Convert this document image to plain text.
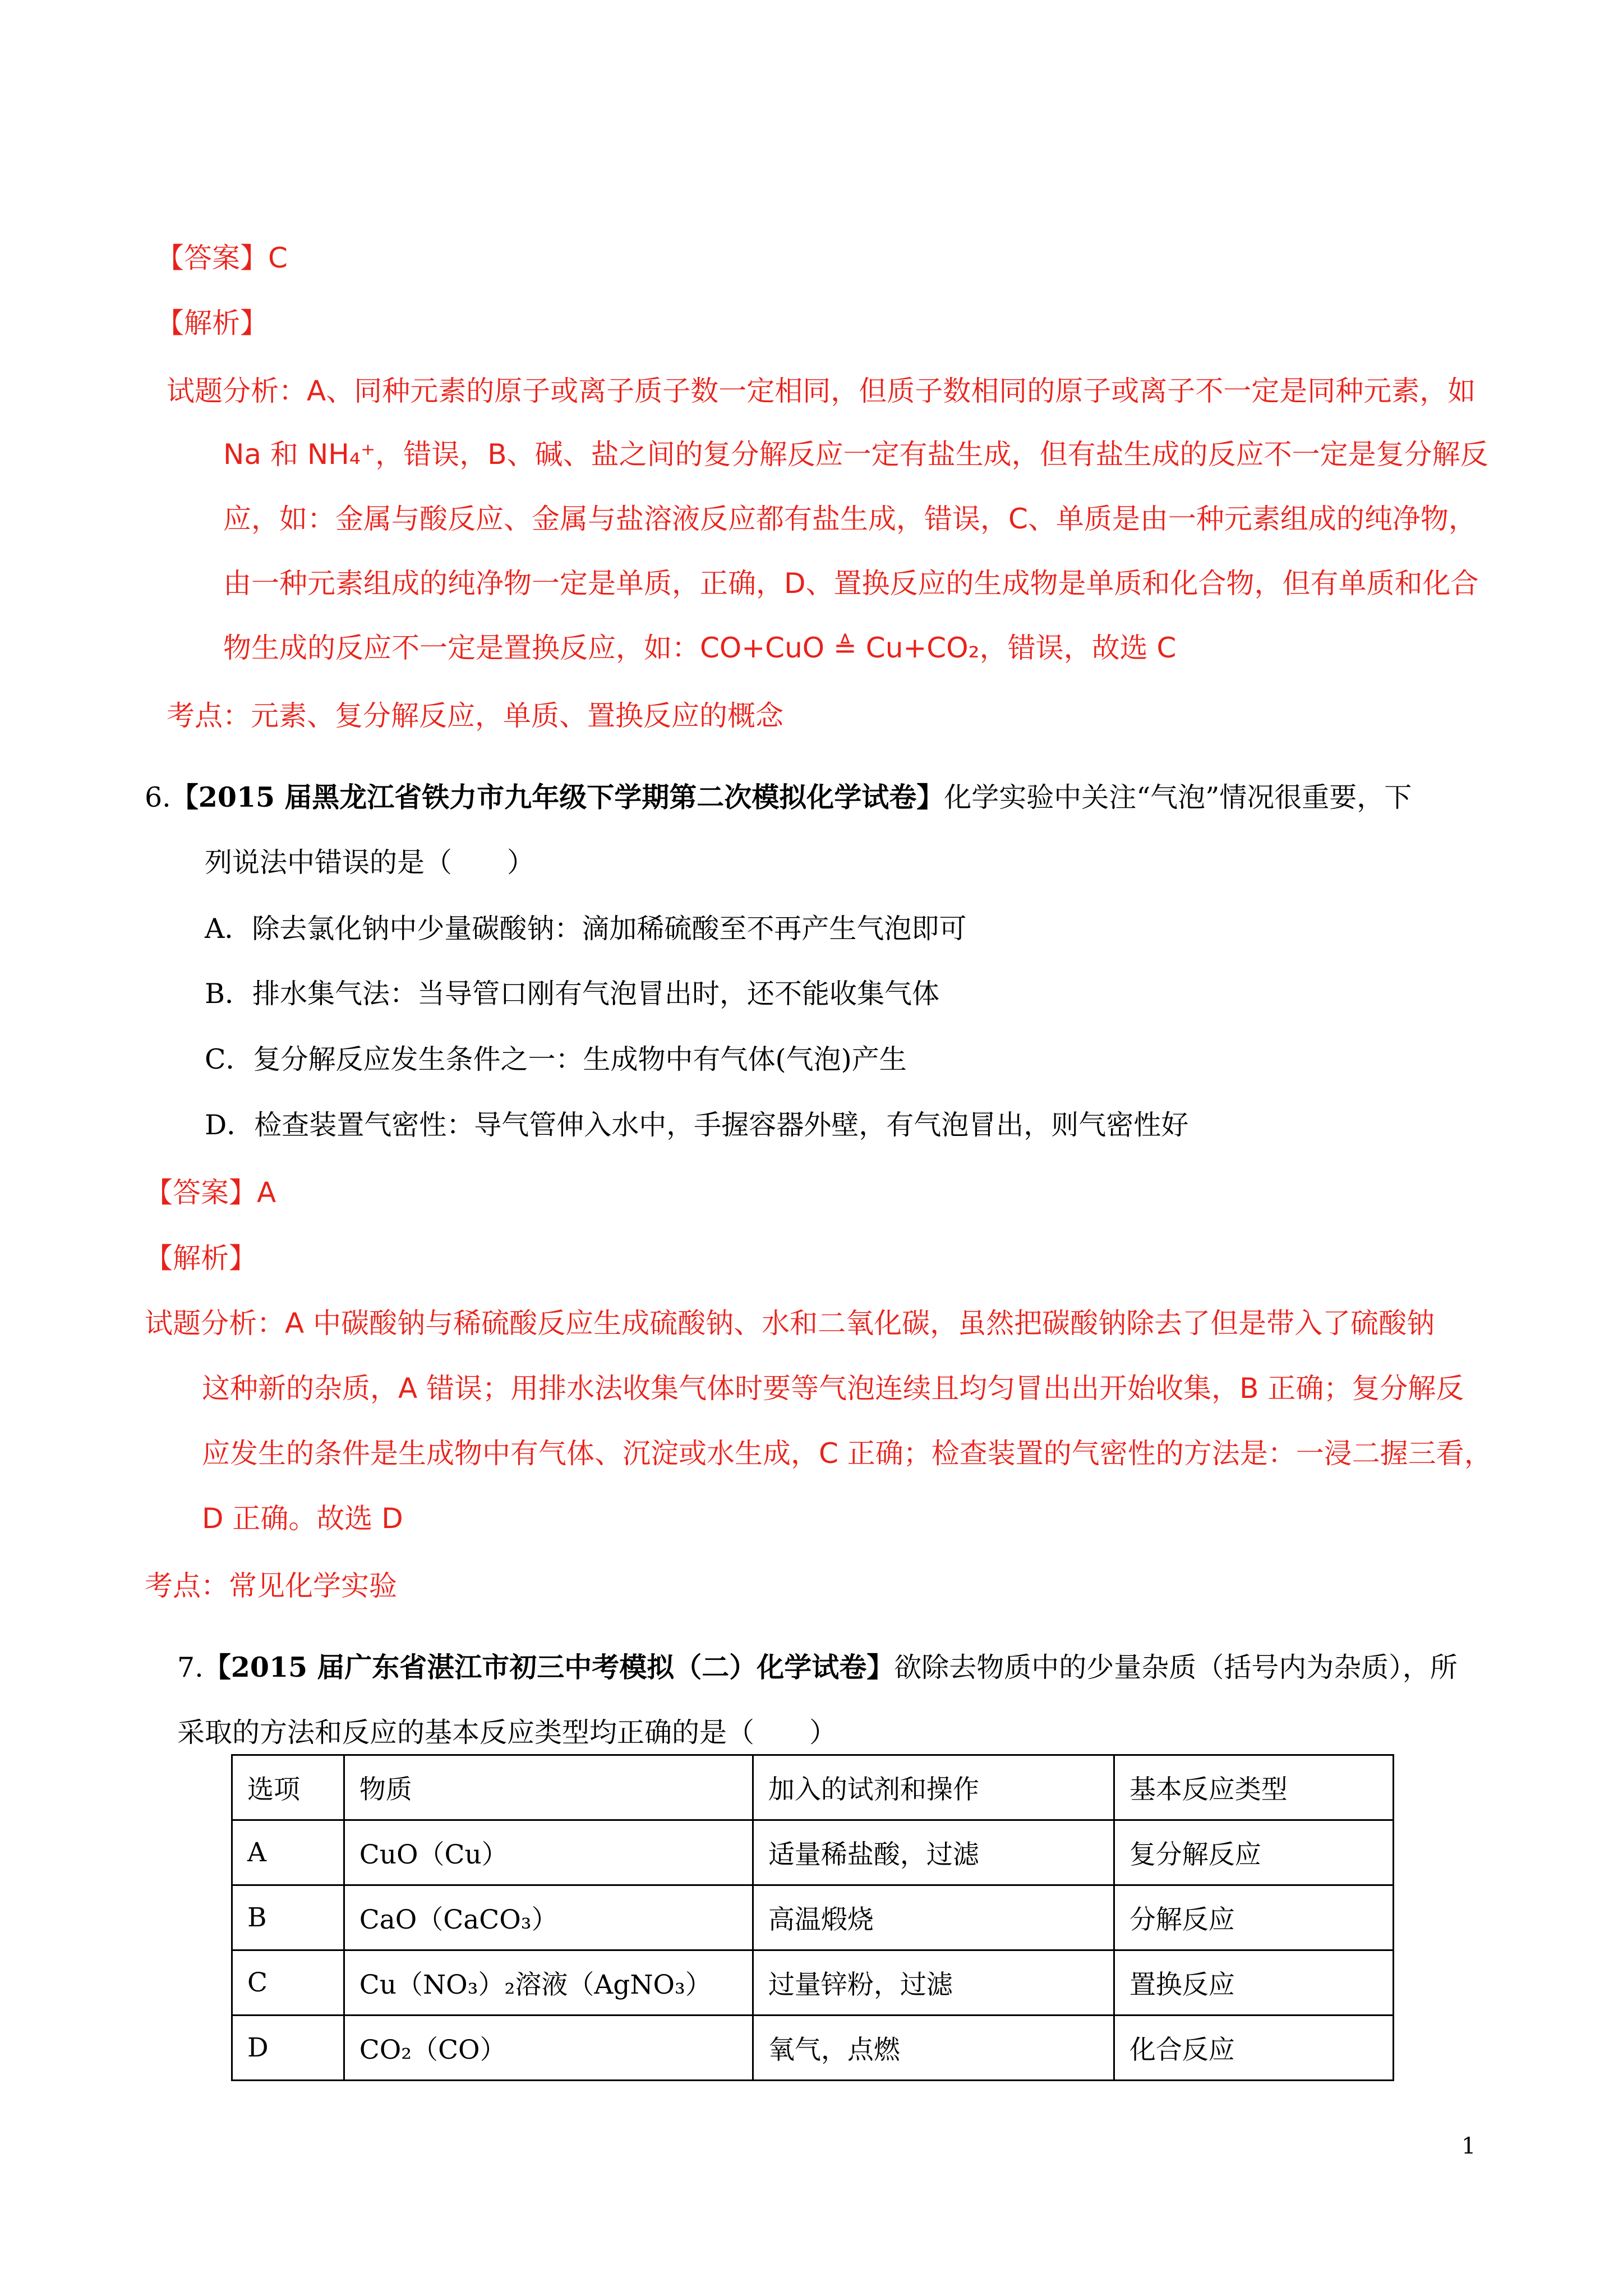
【答案】C
【解析】
试题分析：A、同种元素的原子或离子质子数一定相同，但质子数相同的原子或离子不一定是同种元素，如
Na 和 NH₄⁺，错误，B、碱、盐之间的复分解反应一定有盐生成，但有盐生成的反应不一定是复分解反
应，如：金属与酸反应、金属与盐溶液反应都有盐生成，错误，C、单质是由一种元素组成的纯净物，
由一种元素组成的纯净物一定是单质，正确，D、置换反应的生成物是单质和化合物，但有单质和化合
物生成的反应不一定是置换反应，如：CO+CuO ≜ Cu+CO₂，错误，故选 C
考点：元素、复分解反应，单质、置换反应的概念
6.【2015 届黑龙江省铁力市九年级下学期第二次模拟化学试卷】化学实验中关注“气泡”情况很重要，下
列说法中错误的是（　　）
A．除去氯化钠中少量碳酸钠：滴加稀硫酸至不再产生气泡即可
B．排水集气法：当导管口刚有气泡冒出时，还不能收集气体
C．复分解反应发生条件之一：生成物中有气体(气泡)产生
D．检查装置气密性：导气管伸入水中，手握容器外壁，有气泡冒出，则气密性好
【答案】A
【解析】
试题分析：A 中碳酸钠与稀硫酸反应生成硫酸钠、水和二氧化碳，虽然把碳酸钠除去了但是带入了硫酸钠
这种新的杂质，A 错误；用排水法收集气体时要等气泡连续且均匀冒出出开始收集，B 正确；复分解反
应发生的条件是生成物中有气体、沉淀或水生成，C 正确；检查装置的气密性的方法是：一浸二握三看，
D 正确。故选 D
考点：常见化学实验
7.【2015 届广东省湛江市初三中考模拟（二）化学试卷】欲除去物质中的少量杂质（括号内为杂质），所
采取的方法和反应的基本反应类型均正确的是（　　）
选项	物质	加入的试剂和操作	基本反应类型
A	CuO（Cu）	适量稀盐酸，过滤	复分解反应
B	CaO（CaCO₃）	高温煅烧	分解反应
C	Cu（NO₃）₂溶液（AgNO₃）	过量锌粉，过滤	置换反应
D	CO₂（CO）	氧气，点燃	化合反应
1
